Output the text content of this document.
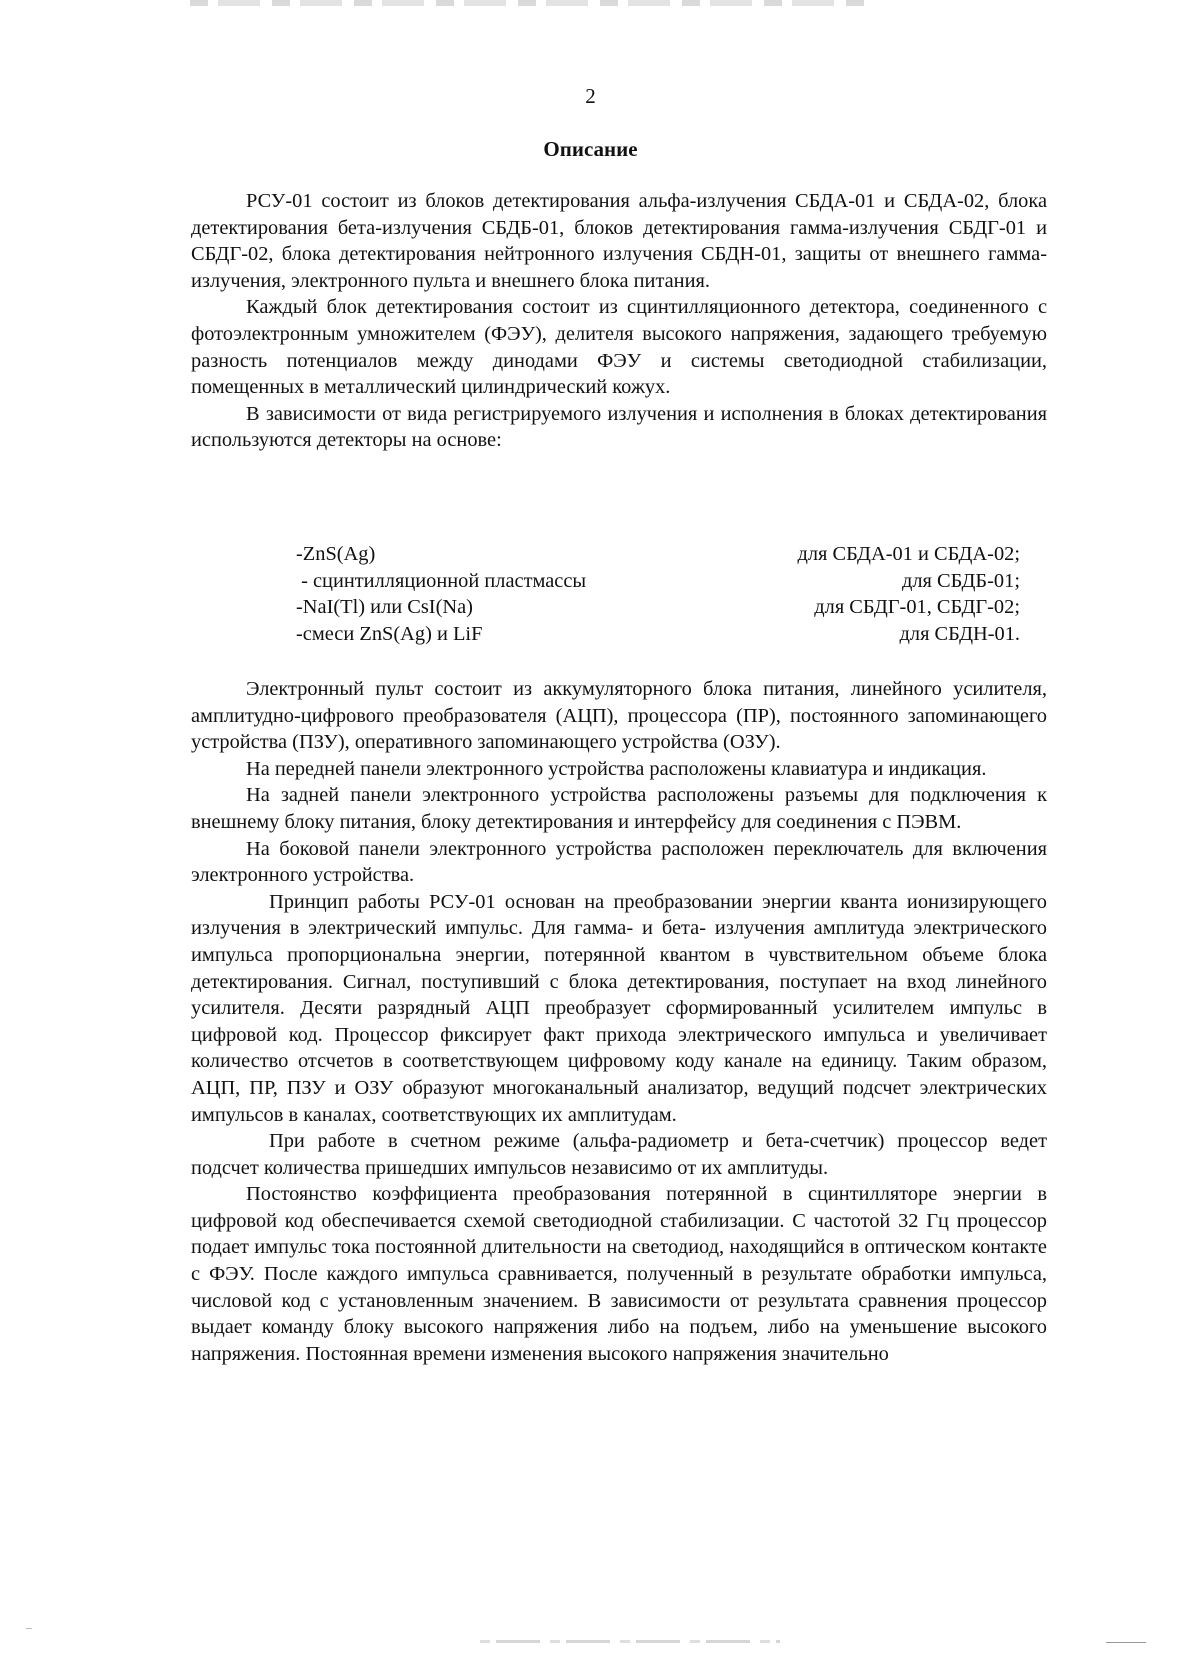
2
Описание

РСУ-01 состоит из блоков детектирования альфа-излучения СБДА-01 и СБДА-02, блока детектирования бета-излучения СБДБ-01, блоков детектирования гамма-излучения СБДГ-01 и СБДГ-02, блока детектирования нейтронного излучения СБДН-01, защиты от внешнего гамма-излучения, электронного пульта и внешнего блока питания.

Каждый блок детектирования состоит из сцинтилляционного детектора, соединенного с фотоэлектронным умножителем (ФЭУ), делителя высокого напряжения, задающего требуемую разность потенциалов между динодами ФЭУ и системы светодиодной стабилизации, помещенных в металлический цилиндрический кожух.

В зависимости от вида регистрируемого излучения и исполнения в блоках детектирования используются детекторы на основе:

-ZnS(Ag)	для СБДА-01 и СБДА-02;
- сцинтилляционной пластмассы	для СБДБ-01;
-NaI(Tl) или CsI(Na)	для СБДГ-01, СБДГ-02;
-смеси ZnS(Ag) и LiF	для СБДН-01.

Электронный пульт состоит из аккумуляторного блока питания, линейного усилителя, амплитудно-цифрового преобразователя (АЦП), процессора (ПР), постоянного запоминающего устройства (ПЗУ), оперативного запоминающего устройства (ОЗУ).

На передней панели электронного устройства расположены клавиатура и индикация.

На задней панели электронного устройства расположены разъемы для подключения к внешнему блоку питания, блоку детектирования и интерфейсу для соединения с ПЭВМ.

На боковой панели электронного устройства расположен переключатель для включения электронного устройства.

Принцип работы РСУ-01 основан на преобразовании энергии кванта ионизирующего излучения в электрический импульс. Для гамма- и бета- излучения амплитуда электрического импульса пропорциональна энергии, потерянной квантом в чувствительном объеме блока детектирования. Сигнал, поступивший с блока детектирования, поступает на вход линейного усилителя. Десяти разрядный АЦП преобразует сформированный усилителем импульс в цифровой код. Процессор фиксирует факт прихода электрического импульса и увеличивает количество отсчетов в соответствующем цифровому коду канале на единицу. Таким образом, АЦП, ПР, ПЗУ и ОЗУ образуют многоканальный анализатор, ведущий подсчет электрических импульсов в каналах, соответствующих их амплитудам.

При работе в счетном режиме (альфа-радиометр и бета-счетчик) процессор ведет подсчет количества пришедших импульсов независимо от их амплитуды.

Постоянство коэффициента преобразования потерянной в сцинтилляторе энергии в цифровой код обеспечивается схемой светодиодной стабилизации. С частотой 32 Гц процессор подает импульс тока постоянной длительности на светодиод, находящийся в оптическом контакте с ФЭУ. После каждого импульса сравнивается, полученный в результате обработки импульса, числовой код с установленным значением. В зависимости от результата сравнения процессор выдает команду блоку высокого напряжения либо на подъем, либо на уменьшение высокого напряжения. Постоянная времени изменения высокого напряжения значительно
